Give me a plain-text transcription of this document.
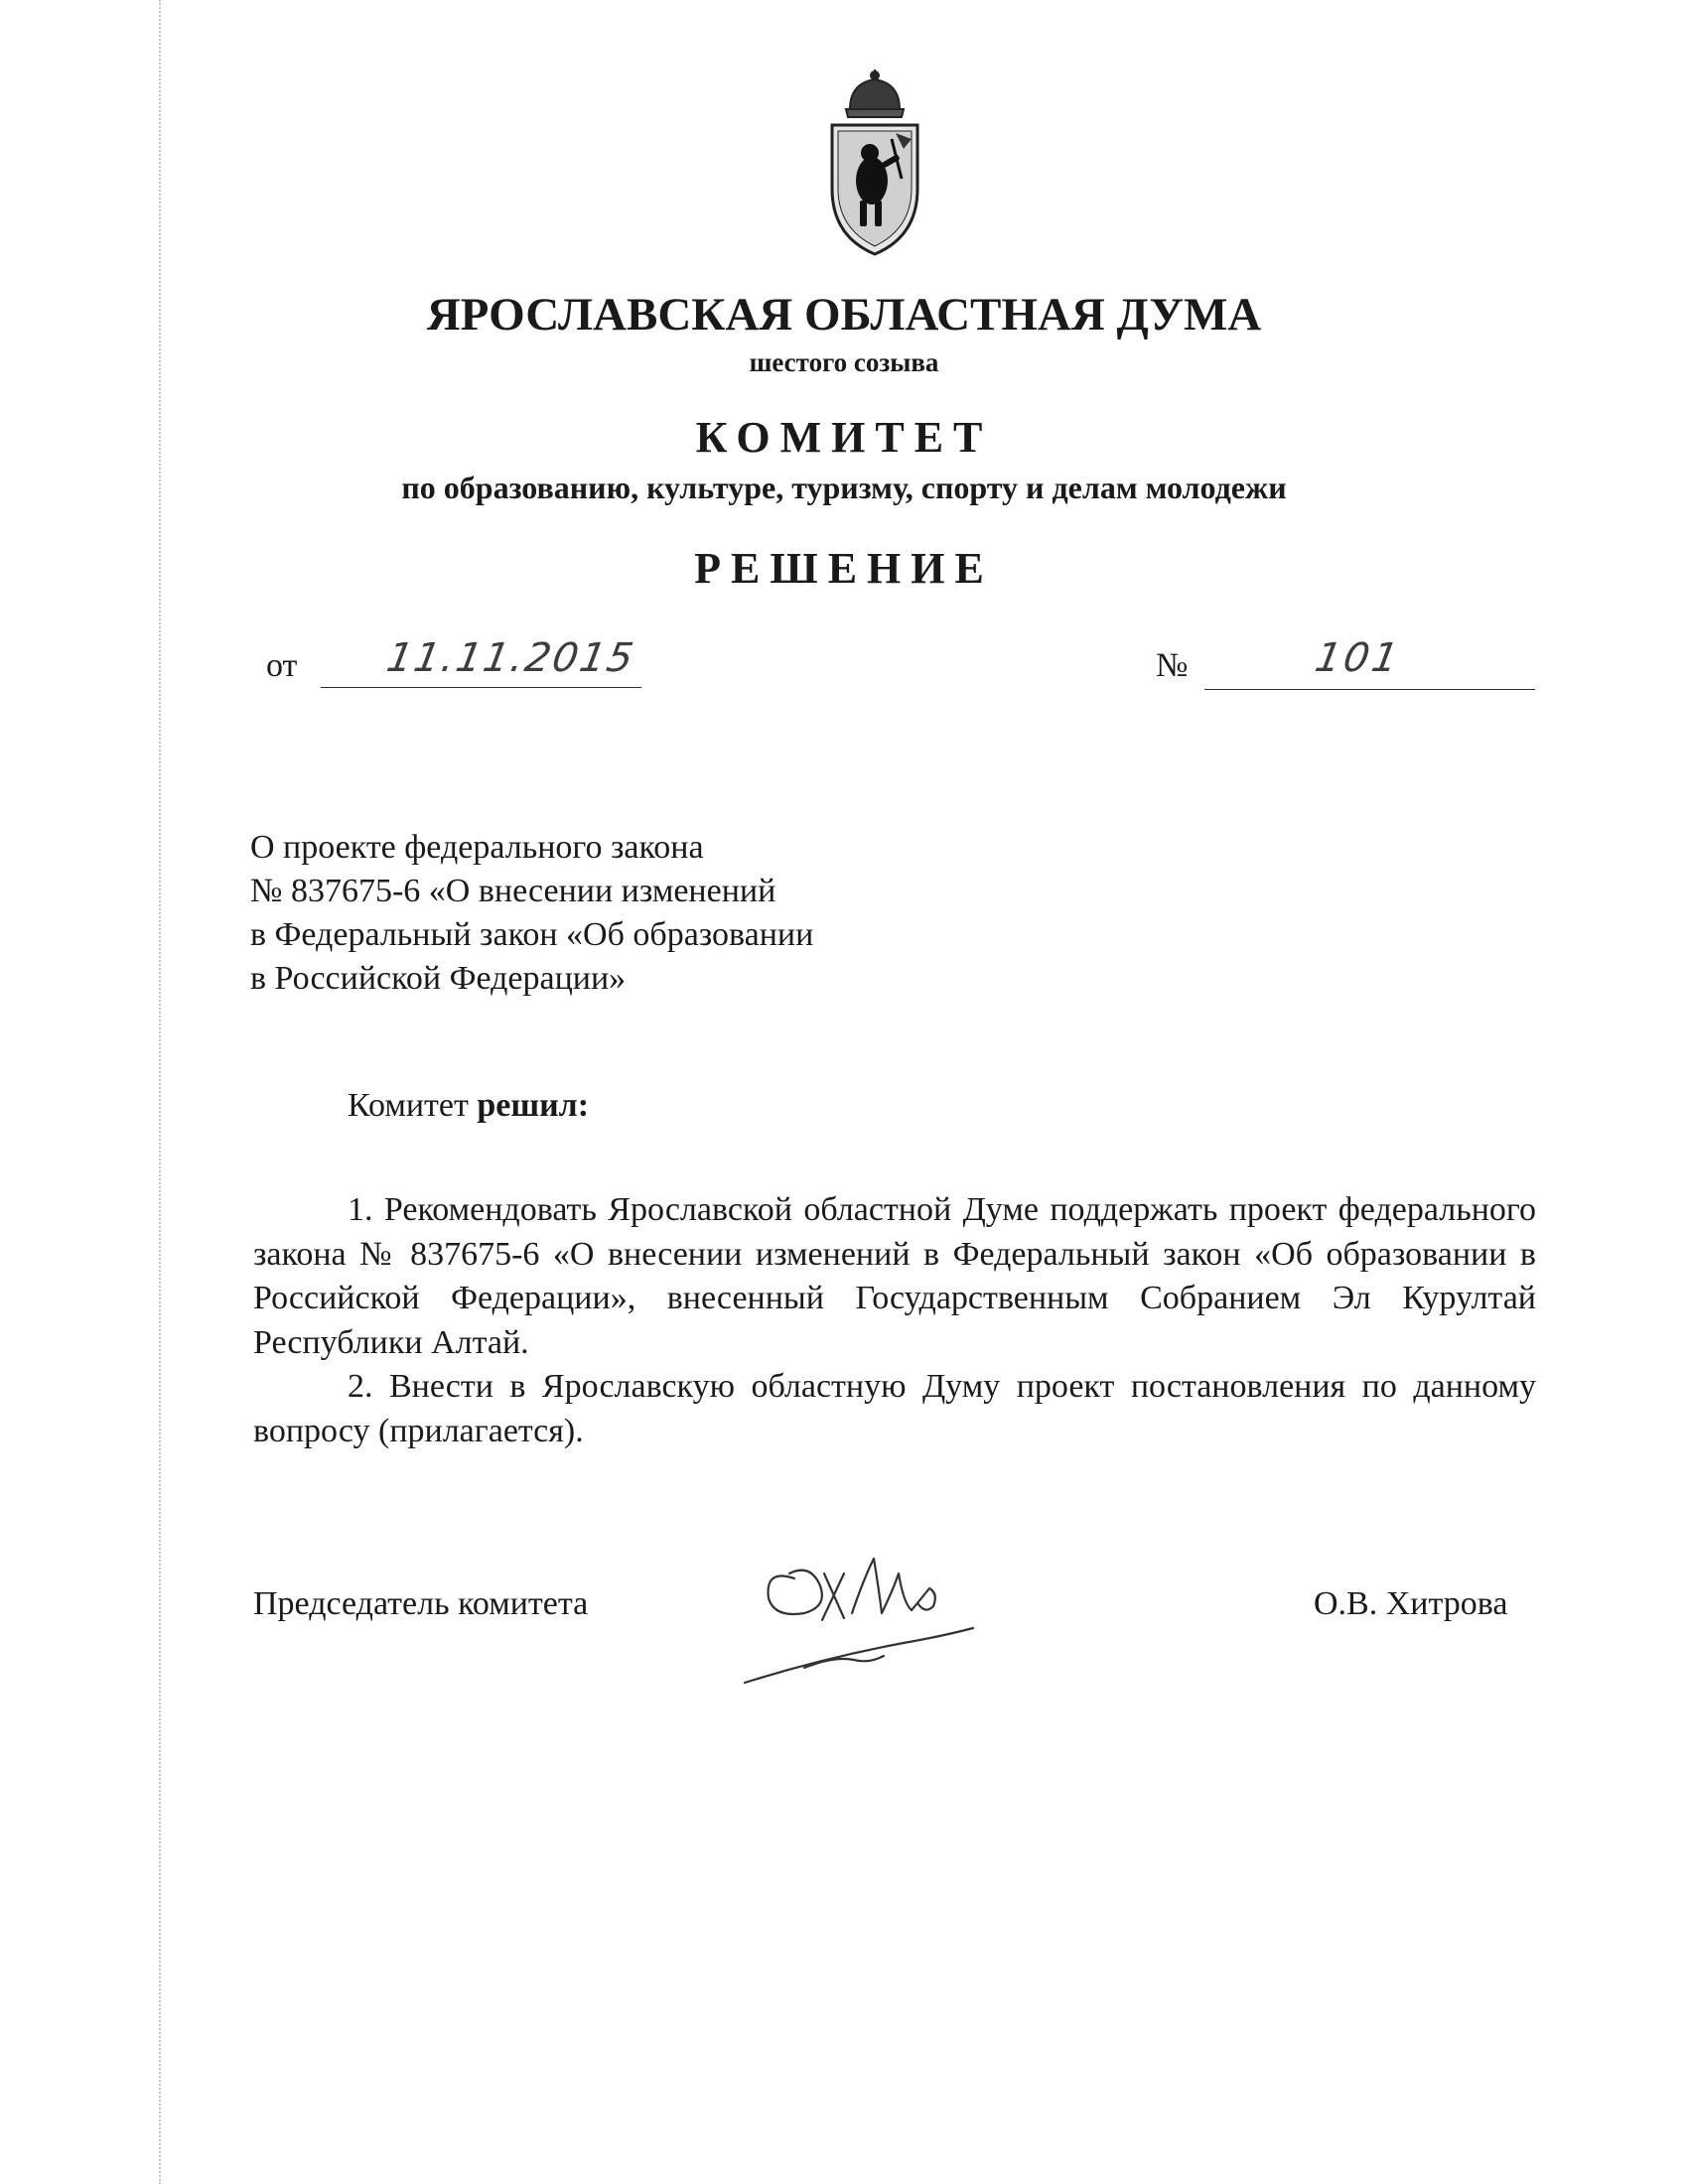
ЯРОСЛАВСКАЯ ОБЛАСТНАЯ ДУМА
шестого созыва
КОМИТЕТ
по образованию, культуре, туризму, спорту и делам молодежи
РЕШЕНИЕ
от 11.11.2015	№	101
О проекте федерального закона
№ 837675-6 «О внесении изменений
в Федеральный закон «Об образовании
в Российской Федерации»
Комитет решил:

1. Рекомендовать Ярославской областной Думе поддержать проект федерального закона № 837675-6 «О внесении изменений в Федеральный закон «Об образовании в Российской Федерации», внесенный Государственным Собранием Эл Курултай Республики Алтай.

2. Внести в Ярославскую областную Думу проект постановления по данному вопросу (прилагается).

Председатель комитета	О.В. Хитрова
